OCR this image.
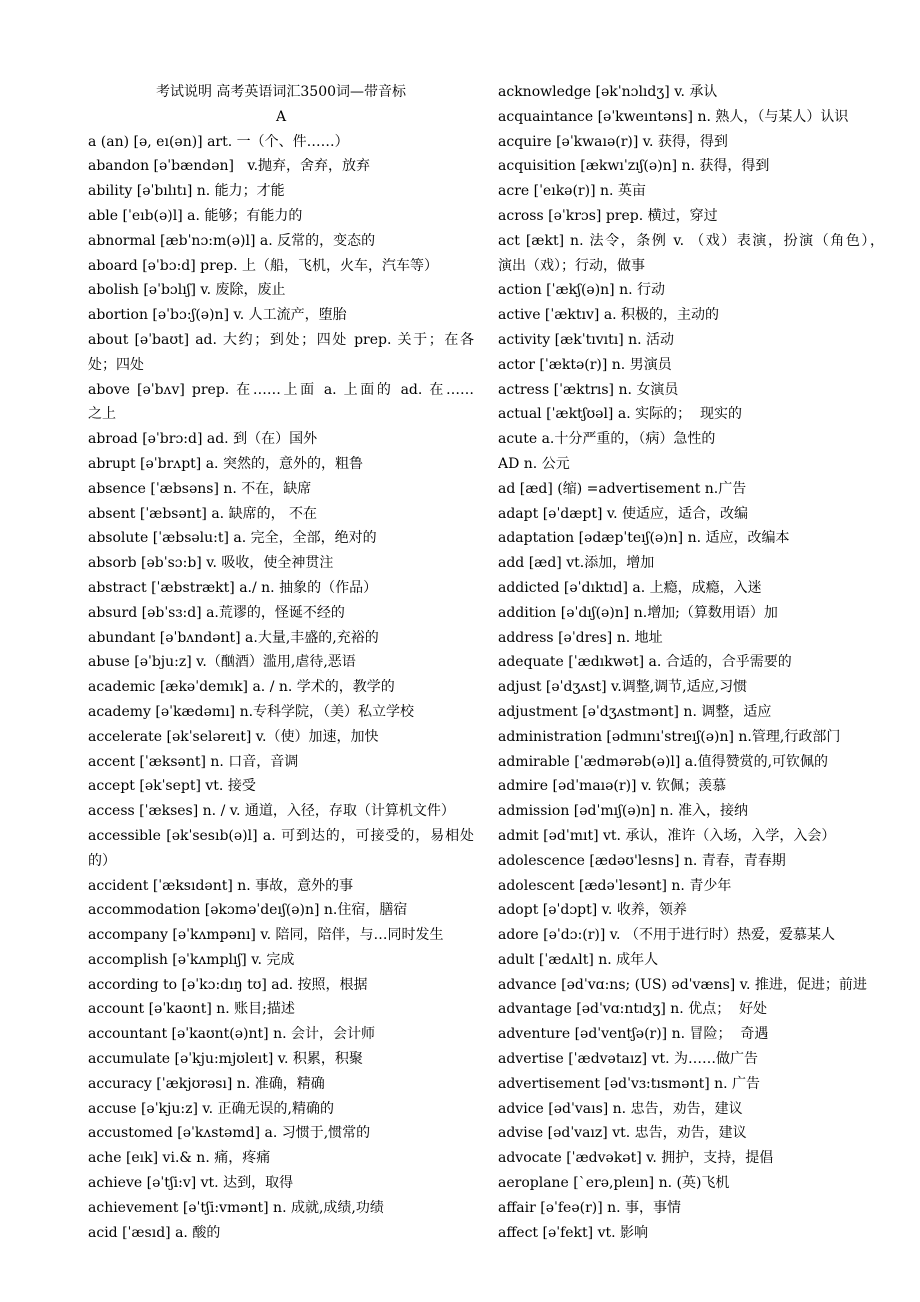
考试说明 高考英语词汇3500词—带音标
A
a (an) [ə, eı(ən)] art. 一（个、件……）
abandon [əˈbændən]   v.抛弃，舍弃，放弃
ability [əˈbılıtı] n. 能力；才能
able [ˈeıb(ə)l] a. 能够；有能力的
abnormal [æbˈnɔ:m(ə)l] a. 反常的，变态的
aboard [əˈbɔ:d] prep. 上（船，飞机，火车，汽车等）
abolish [əˈbɔlıʃ] v. 废除，废止
abortion [əˈbɔ:ʃ(ə)n] v. 人工流产，堕胎
about [əˈbaʊt] ad. 大约；到处；四处 prep. 关于；在各
处；四处
above [əˈbʌv] prep. 在……上面 a. 上面的 ad. 在……
之上
abroad [əˈbrɔ:d] ad. 到（在）国外
abrupt [əˈbrʌpt] a. 突然的，意外的，粗鲁
absence [ˈæbsəns] n. 不在，缺席
absent [ˈæbsənt] a. 缺席的， 不在
absolute [ˈæbsəlu:t] a. 完全，全部，绝对的
absorb [əbˈsɔ:b] v. 吸收，使全神贯注
abstract [ˈæbstrækt] a./ n. 抽象的（作品）
absurd [əbˈsɜ:d] a.荒谬的，怪诞不经的
abundant [əˈbʌndənt] a.大量,丰盛的,充裕的
abuse [əˈbju:z] v.（酗酒）滥用,虐待,恶语
academic [ækəˈdemık] a. / n. 学术的，教学的
academy [əˈkædəmı] n.专科学院，（美）私立学校
accelerate [əkˈseləreıt] v.（使）加速，加快
accent [ˈæksənt] n. 口音，音调
accept [əkˈsept] vt. 接受
access [ˈækses] n. / v. 通道，入径，存取（计算机文件）
accessible [əkˈsesıb(ə)l] a. 可到达的，可接受的，易相处
的）
accident [ˈæksıdənt] n. 事故，意外的事
accommodation [əkɔməˈdeıʃ(ə)n] n.住宿，膳宿
accompany [əˈkʌmpənı] v. 陪同，陪伴，与…同时发生
accomplish [əˈkʌmplıʃ] v. 完成
according to [əˈkɔ:dıŋ tʊ] ad. 按照，根据
account [əˈkaʊnt] n. 账目;描述
accountant [əˈkaʊnt(ə)nt] n. 会计，会计师
accumulate [əˈkju:mjʊleıt] v. 积累，积聚
accuracy [ˈækjʊrəsı] n. 准确，精确
accuse [əˈkju:z] v. 正确无误的,精确的
accustomed [əˈkʌstəmd] a. 习惯于,惯常的
ache [eık] vi.& n. 痛，疼痛
achieve [əˈtʃi:v] vt. 达到，取得
achievement [əˈtʃi:vmənt] n. 成就,成绩,功绩
acid [ˈæsıd] a. 酸的
acknowledge [əkˈnɔlıdʒ] v. 承认
acquaintance [əˈkweıntəns] n. 熟人，（与某人）认识
acquire [əˈkwaıə(r)] v. 获得，得到
acquisition [ækwıˈzıʃ(ə)n] n. 获得，得到
acre [ˈeıkə(r)] n. 英亩
across [əˈkrɔs] prep. 横过，穿过
act [ækt] n. 法令，条例 v. （戏）表演，扮演（角色），
演出（戏）；行动，做事
action [ˈækʃ(ə)n] n. 行动
active [ˈæktıv] a. 积极的，主动的
activity [ækˈtıvıtı] n. 活动
actor [ˈæktə(r)] n. 男演员
actress [ˈæktrıs] n. 女演员
actual [ˈæktʃʊəl] a. 实际的；  现实的
acute a.十分严重的，（病）急性的
AD n. 公元
ad [æd] (缩) =advertisement n.广告
adapt [əˈdæpt] v. 使适应，适合，改编
adaptation [ədæpˈteıʃ(ə)n] n. 适应，改编本
add [æd] vt.添加，增加
addicted [əˈdıktıd] a. 上瘾，成瘾，入迷
addition [əˈdıʃ(ə)n] n.增加;（算数用语）加
address [əˈdres] n. 地址
adequate [ˈædıkwət] a. 合适的，合乎需要的
adjust [əˈdʒʌst] v.调整,调节,适应,习惯
adjustment [əˈdʒʌstmənt] n. 调整，适应
administration [ədmınıˈstreıʃ(ə)n] n.管理,行政部门
admirable [ˈædmərəb(ə)l] a.值得赞赏的,可钦佩的
admire [ədˈmaıə(r)] v. 钦佩；羡慕
admission [ədˈmıʃ(ə)n] n. 准入，接纳
admit [ədˈmıt] vt. 承认，准许（入场，入学，入会）
adolescence [ædəʊ'lesns] n. 青春，青春期
adolescent [ædəˈlesənt] n. 青少年
adopt [əˈdɔpt] v. 收养，领养
adore [əˈdɔ:(r)] v. （不用于进行时）热爱，爱慕某人
adult [ˈædʌlt] n. 成年人
advance [ədˈvɑ:ns; (US) ədˈvæns] v. 推进，促进；前进
advantage [ədˈvɑ:ntıdʒ] n. 优点；  好处
adventure [ədˈventʃə(r)] n. 冒险；  奇遇
advertise [ˈædvətaız] vt. 为……做广告
advertisement [ədˈvɜ:tısmənt] n. 广告
advice [ədˈvaıs] n. 忠告，劝告，建议
advise [ədˈvaız] vt. 忠告，劝告，建议
advocate [ˈædvəkət] v. 拥护，支持，提倡
aeroplane [ˋerə,pleın] n. (英)飞机
affair [əˈfeə(r)] n. 事，事情
affect [əˈfekt] vt. 影响
